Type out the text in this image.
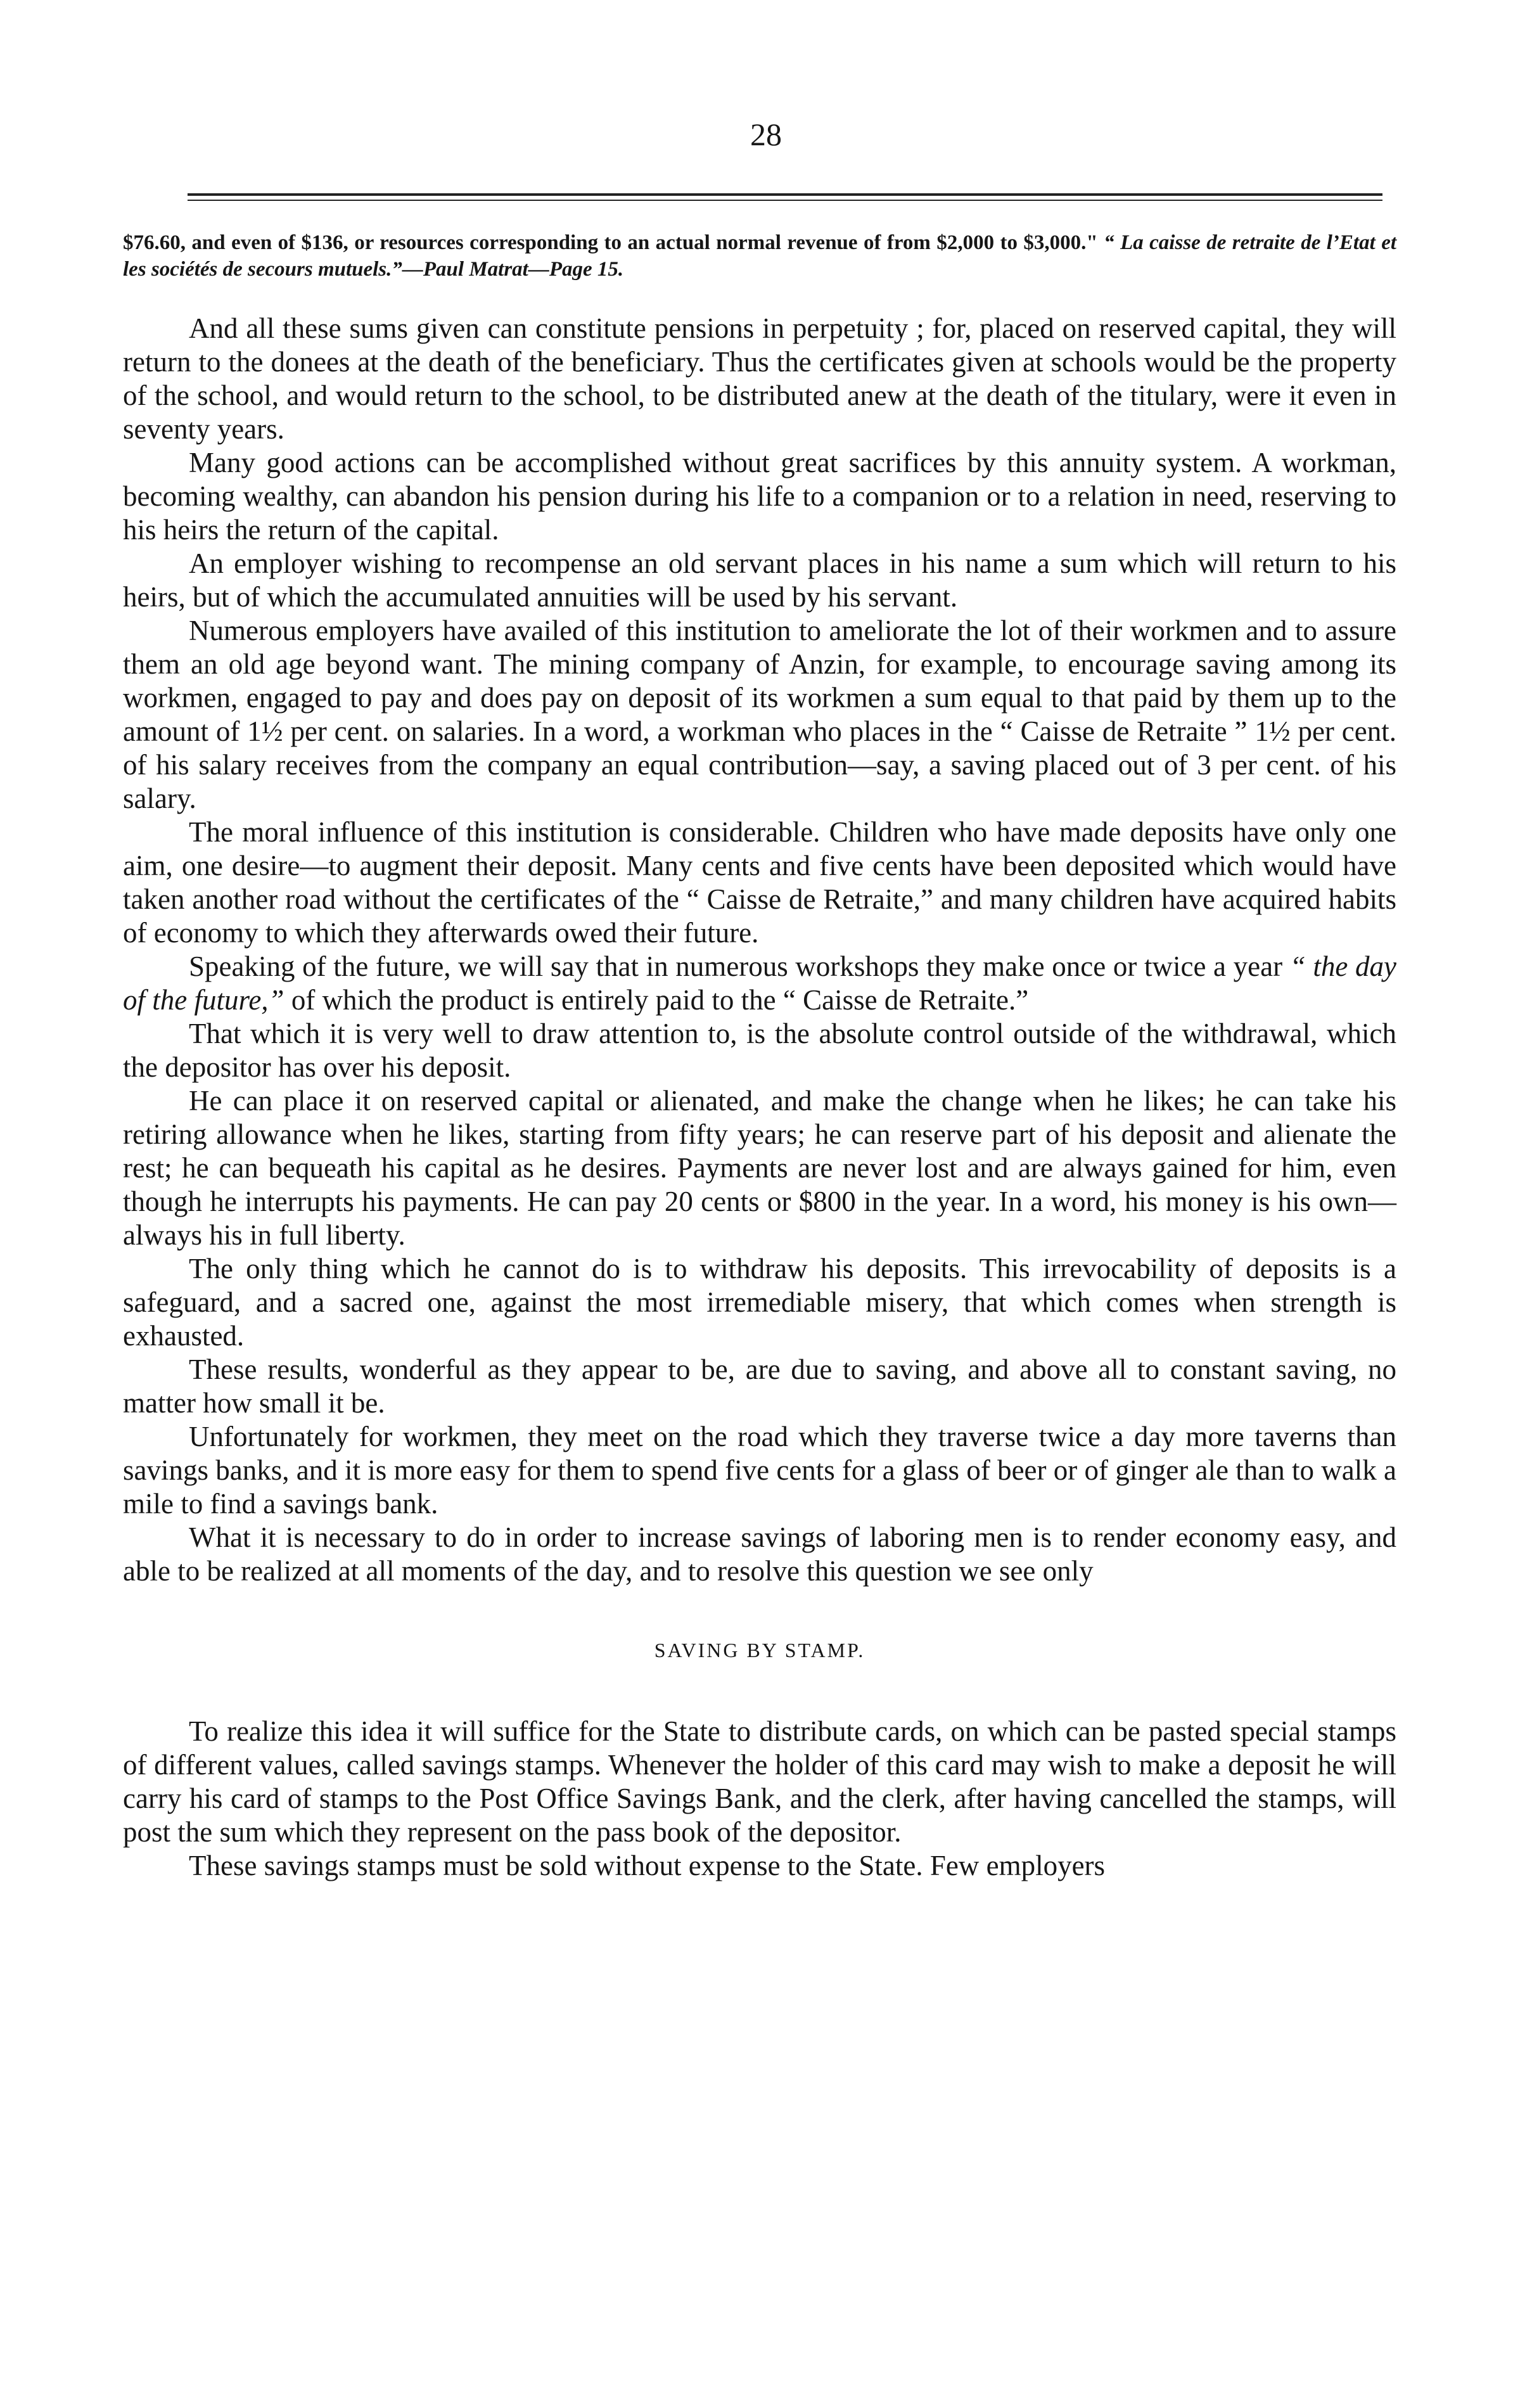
28

$76.60, and even of $136, or resources corresponding to an actual normal revenue of from $2,000 to $3,000." “ La caisse de retraite de l’Etat et les sociétés de secours mutuels.”—Paul Matrat—Page 15.

And all these sums given can constitute pensions in perpetuity ; for, placed on reserved capital, they will return to the donees at the death of the beneficiary. Thus the certificates given at schools would be the property of the school, and would return to the school, to be distributed anew at the death of the titulary, were it even in seventy years.

Many good actions can be accomplished without great sacrifices by this annuity system. A workman, becoming wealthy, can abandon his pension during his life to a companion or to a relation in need, reserving to his heirs the return of the capital.

An employer wishing to recompense an old servant places in his name a sum which will return to his heirs, but of which the accumulated annuities will be used by his servant.

Numerous employers have availed of this institution to ameliorate the lot of their workmen and to assure them an old age beyond want. The mining company of Anzin, for example, to encourage saving among its workmen, engaged to pay and does pay on deposit of its workmen a sum equal to that paid by them up to the amount of 1½ per cent. on salaries. In a word, a workman who places in the “ Caisse de Retraite ” 1½ per cent. of his salary receives from the company an equal contribution—say, a saving placed out of 3 per cent. of his salary.

The moral influence of this institution is considerable. Children who have made deposits have only one aim, one desire—to augment their deposit. Many cents and five cents have been deposited which would have taken another road without the certificates of the “ Caisse de Retraite,” and many children have acquired habits of economy to which they afterwards owed their future.

Speaking of the future, we will say that in numerous workshops they make once or twice a year “ the day of the future,” of which the product is entirely paid to the “ Caisse de Retraite.”

That which it is very well to draw attention to, is the absolute control outside of the withdrawal, which the depositor has over his deposit.

He can place it on reserved capital or alienated, and make the change when he likes; he can take his retiring allowance when he likes, starting from fifty years; he can reserve part of his deposit and alienate the rest; he can bequeath his capital as he desires. Payments are never lost and are always gained for him, even though he interrupts his payments. He can pay 20 cents or $800 in the year. In a word, his money is his own—always his in full liberty.

The only thing which he cannot do is to withdraw his deposits. This irrevocability of deposits is a safeguard, and a sacred one, against the most irremediable misery, that which comes when strength is exhausted.

These results, wonderful as they appear to be, are due to saving, and above all to constant saving, no matter how small it be.

Unfortunately for workmen, they meet on the road which they traverse twice a day more taverns than savings banks, and it is more easy for them to spend five cents for a glass of beer or of ginger ale than to walk a mile to find a savings bank.

What it is necessary to do in order to increase savings of laboring men is to render economy easy, and able to be realized at all moments of the day, and to resolve this question we see only

SAVING BY STAMP.

To realize this idea it will suffice for the State to distribute cards, on which can be pasted special stamps of different values, called savings stamps. Whenever the holder of this card may wish to make a deposit he will carry his card of stamps to the Post Office Savings Bank, and the clerk, after having cancelled the stamps, will post the sum which they represent on the pass book of the depositor.

These savings stamps must be sold without expense to the State. Few employers
